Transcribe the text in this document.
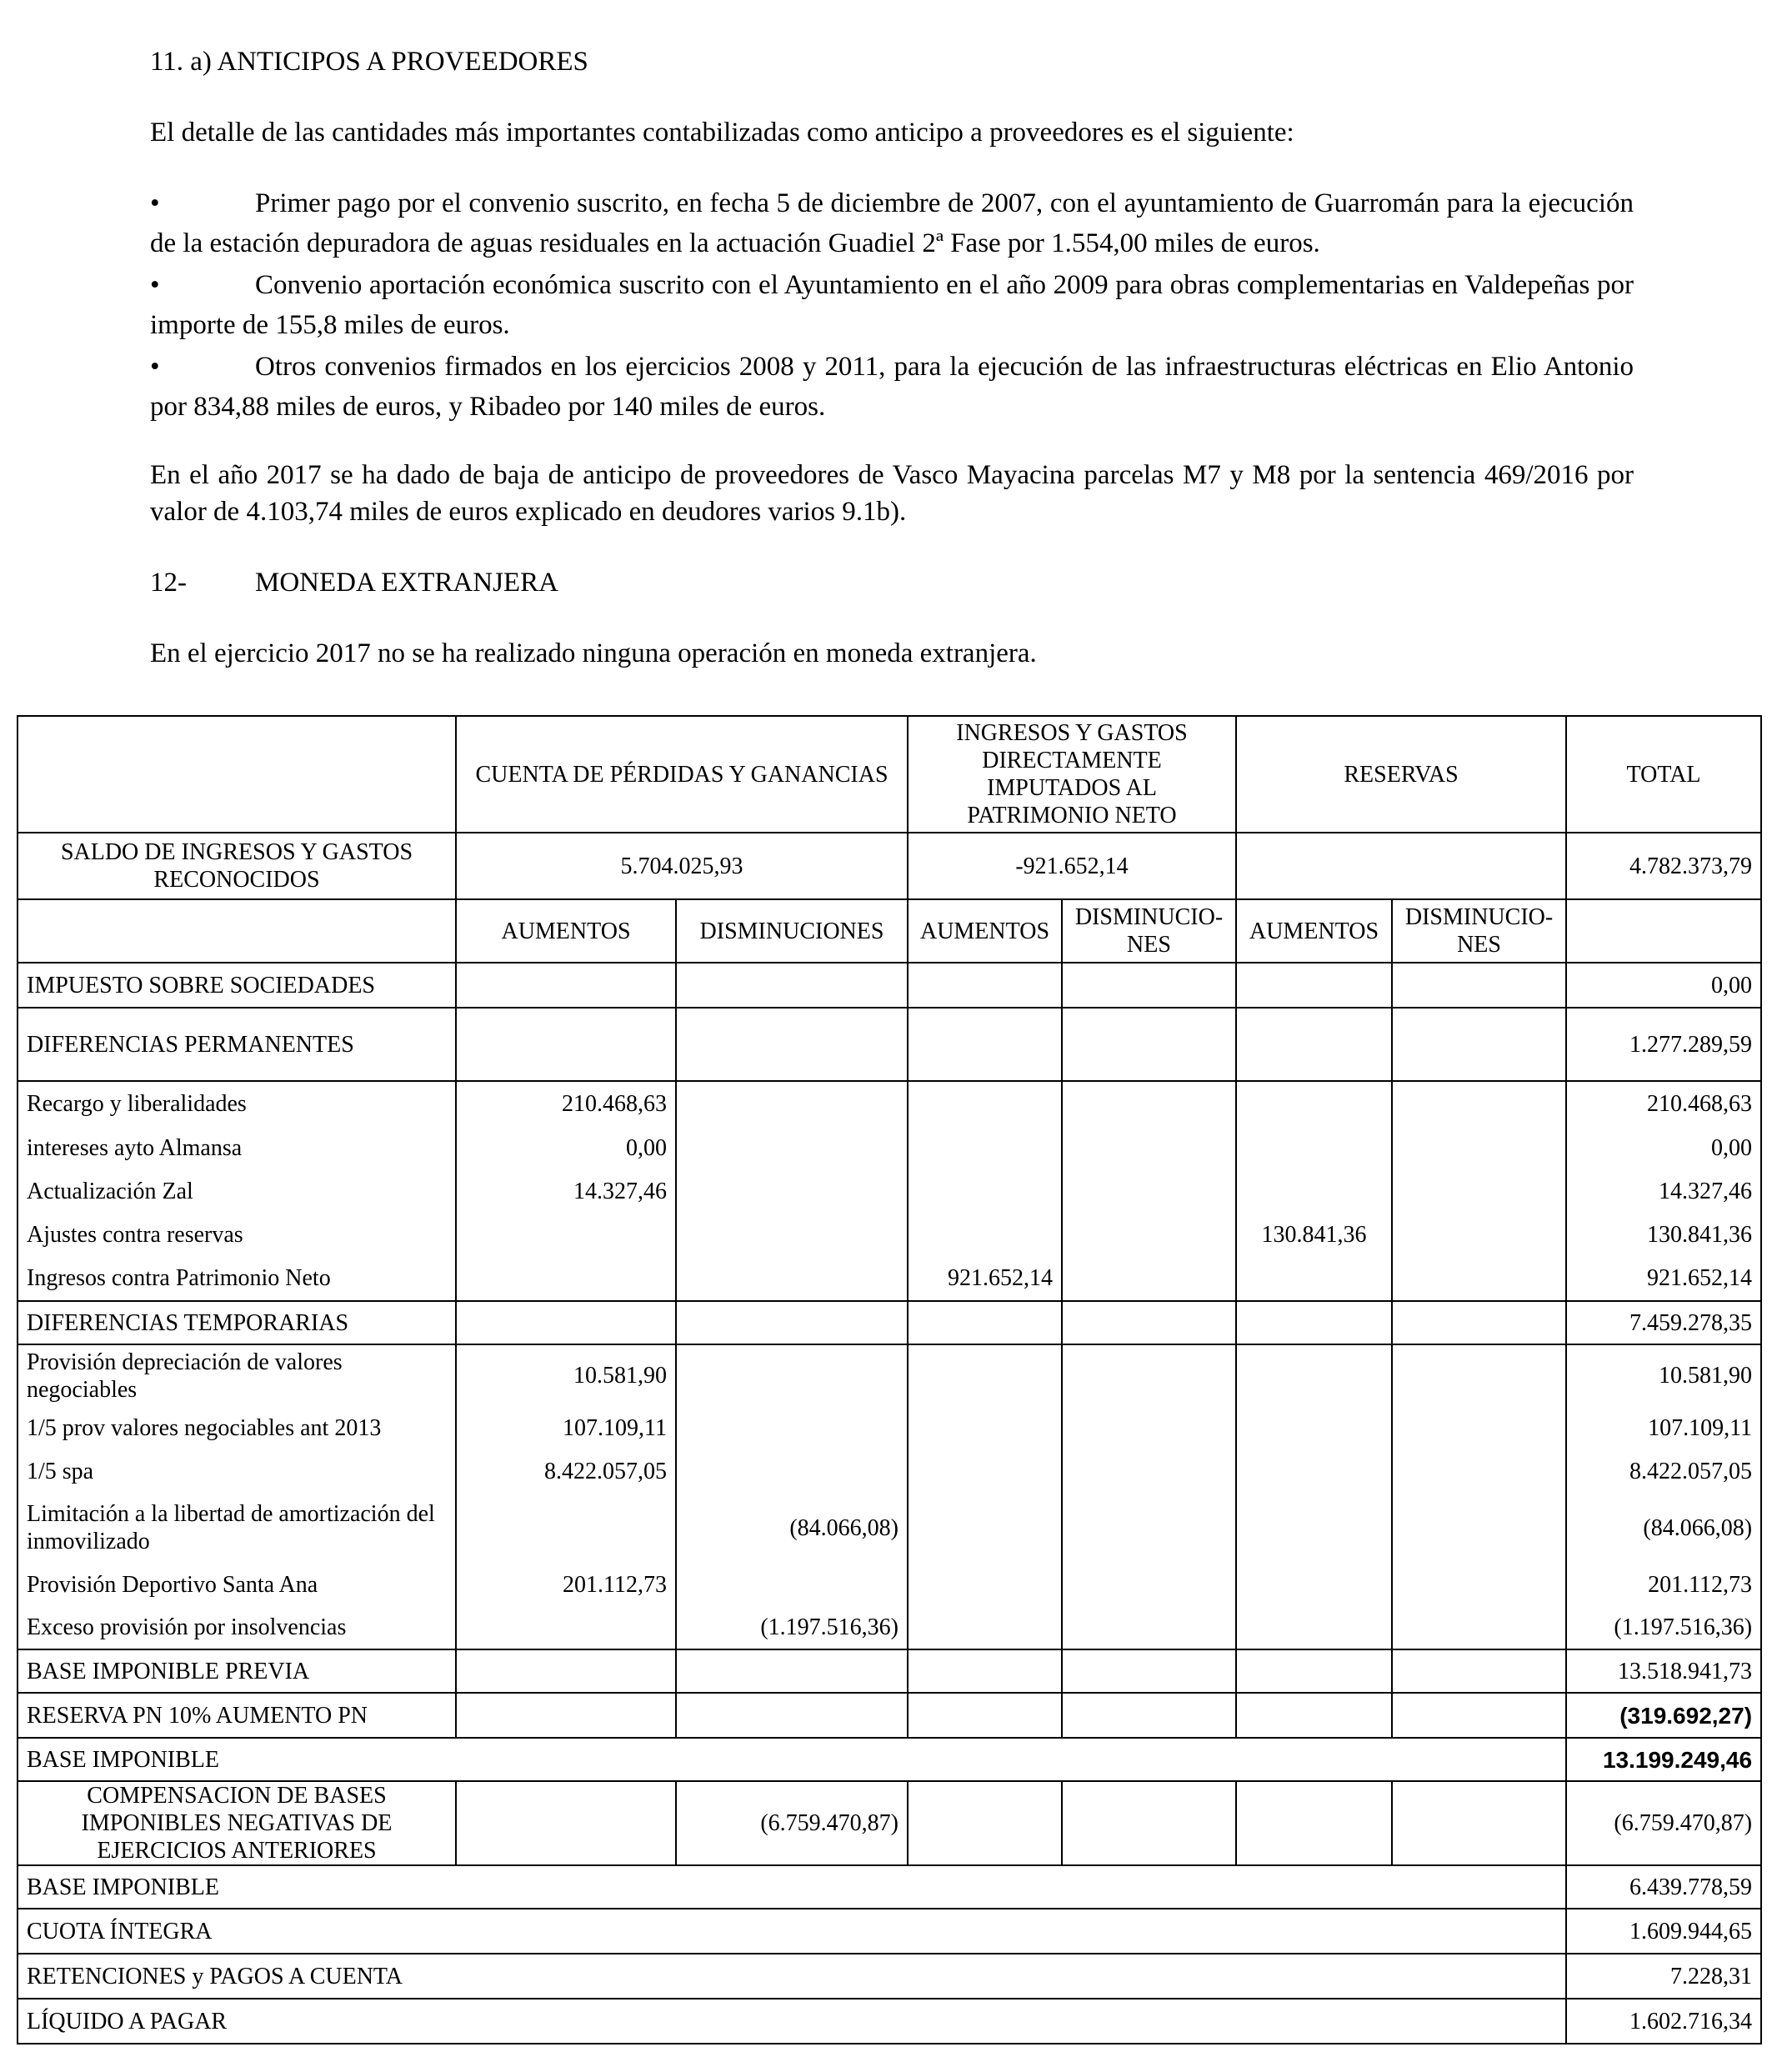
11. a) ANTICIPOS A PROVEEDORES
El detalle de las cantidades más importantes contabilizadas como anticipo a proveedores es el siguiente:
•	Primer pago por el convenio suscrito, en fecha 5 de diciembre de 2007, con el ayuntamiento de Guarromán para la ejecución de la estación depuradora de aguas residuales en la actuación Guadiel 2ª Fase por 1.554,00 miles de euros.
•	Convenio aportación económica suscrito con el Ayuntamiento en el año 2009 para obras complementarias en Valdepeñas por importe de 155,8 miles de euros.
•	Otros convenios firmados en los ejercicios 2008 y 2011, para la ejecución de las infraestructuras eléctricas en Elio Antonio por 834,88 miles de euros, y Ribadeo por 140 miles de euros.
En el año 2017 se ha dado de baja de anticipo de proveedores de Vasco Mayacina parcelas M7 y M8 por la sentencia 469/2016 por valor de 4.103,74 miles de euros explicado en deudores varios 9.1b).
12- MONEDA EXTRANJERA
En el ejercicio 2017 no se ha realizado ninguna operación en moneda extranjera.
	CUENTA DE PÉRDIDAS Y GANANCIAS		INGRESOS Y GASTOS DIRECTAMENTE IMPUTADOS AL PATRIMONIO NETO		RESERVAS		TOTAL
SALDO DE INGRESOS Y GASTOS RECONOCIDOS	5.704.025,93		-921.652,14				4.782.373,79
	AUMENTOS	DISMINUCIONES	AUMENTOS	DISMINUCIO-NES	AUMENTOS	DISMINUCIO-NES	
IMPUESTO SOBRE SOCIEDADES							0,00
DIFERENCIAS PERMANENTES							1.277.289,59
Recargo y liberalidades	210.468,63						210.468,63
intereses ayto Almansa	0,00						0,00
Actualización Zal	14.327,46						14.327,46
Ajustes contra reservas					130.841,36		130.841,36
Ingresos contra Patrimonio Neto			921.652,14				921.652,14
DIFERENCIAS TEMPORARIAS							7.459.278,35
Provisión depreciación de valores negociables	10.581,90						10.581,90
1/5 prov valores negociables ant 2013	107.109,11						107.109,11
1/5 spa	8.422.057,05						8.422.057,05
Limitación a la libertad de amortización del inmovilizado		(84.066,08)					(84.066,08)
Provisión Deportivo Santa Ana	201.112,73						201.112,73
Exceso provisión por insolvencias		(1.197.516,36)					(1.197.516,36)
BASE IMPONIBLE PREVIA							13.518.941,73
RESERVA PN 10% AUMENTO PN							(319.692,27)
BASE IMPONIBLE							13.199.249,46
COMPENSACION DE BASES IMPONIBLES NEGATIVAS DE EJERCICIOS ANTERIORES		(6.759.470,87)					(6.759.470,87)
BASE IMPONIBLE							6.439.778,59
CUOTA ÍNTEGRA							1.609.944,65
RETENCIONES y PAGOS A CUENTA							7.228,31
LÍQUIDO A PAGAR							1.602.716,34
